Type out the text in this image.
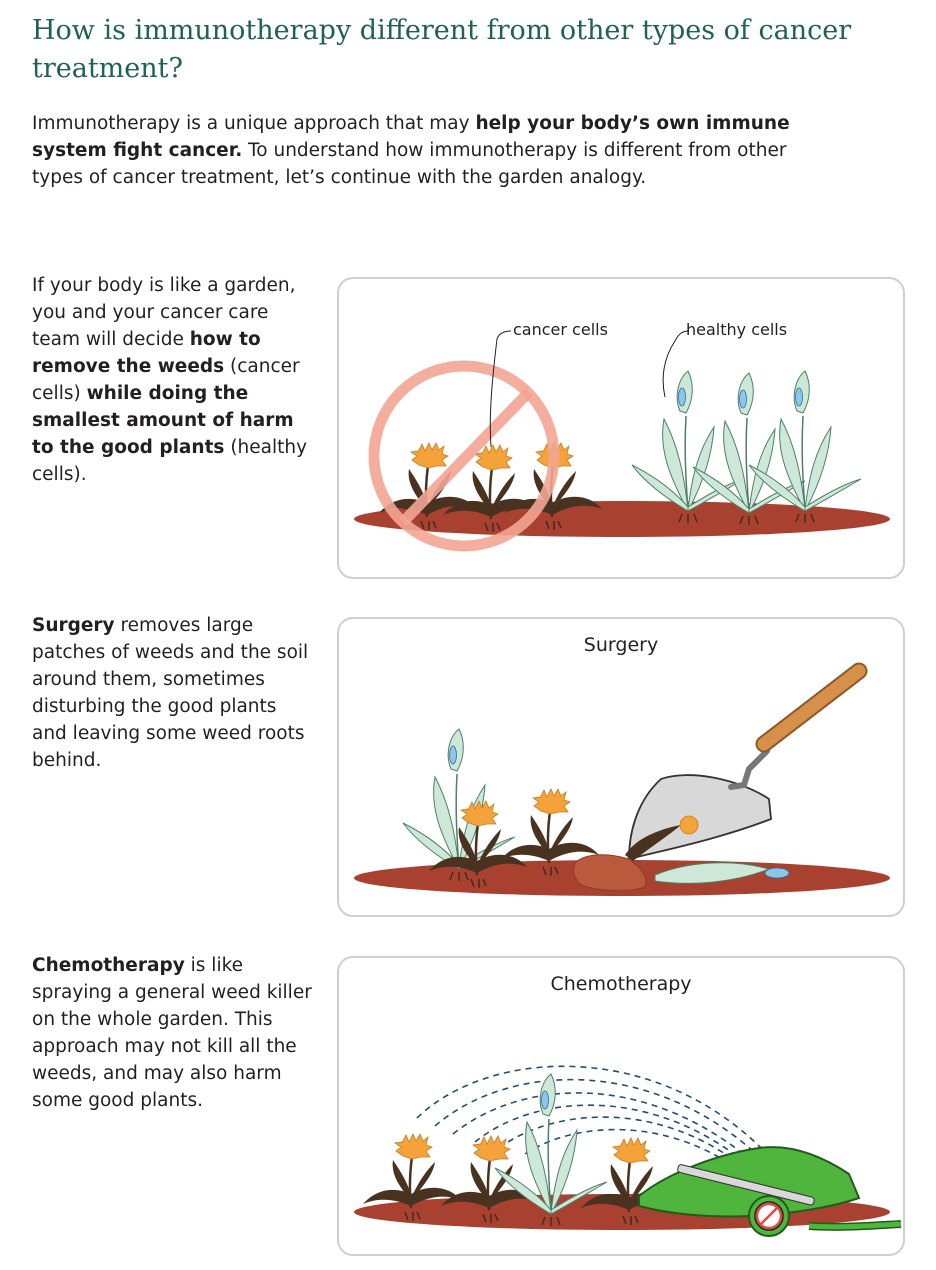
How is immunotherapy different from other types of cancer treatment?

Immunotherapy is a unique approach that may help your body’s own immune system fight cancer. To understand how immunotherapy is different from other types of cancer treatment, let’s continue with the garden analogy.

If your body is like a garden, you and your cancer care team will decide how to remove the weeds (cancer cells) while doing the smallest amount of harm to the good plants (healthy cells).

cancer cells	healthy cells

Surgery removes large patches of weeds and the soil around them, sometimes disturbing the good plants and leaving some weed roots behind.

Surgery

Chemotherapy is like spraying a general weed killer on the whole garden. This approach may not kill all the weeds, and may also harm some good plants.

Chemotherapy
